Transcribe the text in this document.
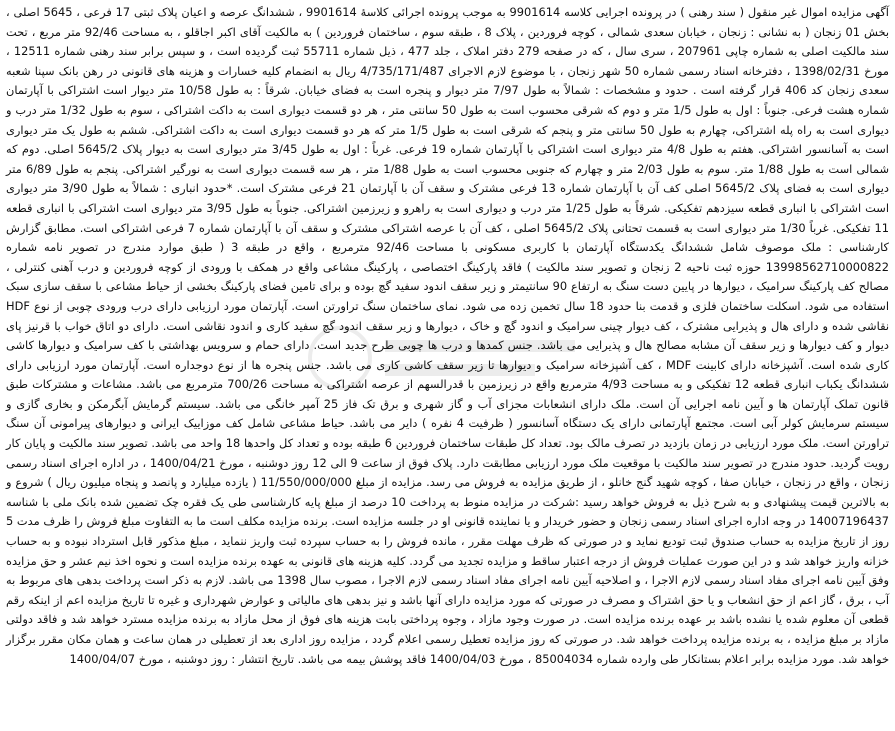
آگهی مزایده اموال غیر منقول ( سند رهنی ) در پرونده اجرایی کلاسه 9901614 به موجب پرونده اجرائی کلاسهٔ 9901614 ، ششدانگ عرصه و اعیان پلاک ثبتی 17 فرعی ، 5645 اصلی ، بخش 01 زنجان ( به نشانی : زنجان ، خیابان سعدی شمالی ، کوچه فروردین ، پلاک 8 ، طبقه سوم ، ساختمان فروردین ) به مالکیت آقای اکبر اجاقلو ، به مساحت 92/46 متر مربع ، تحت سند مالکیت اصلی به شماره چاپی 207961 ، سری سال ، که در صفحه 279 دفتر املاک ، جلد 477 ، ذیل شماره 55711 ثبت گردیده است ، و سپس برابر سند رهنی شماره 12511 ، مورخ 1398/02/31 ، دفترخانه اسناد رسمی شماره 50 شهر زنجان ، با موضوع لازم الاجرای 4/735/171/487 ریال به انضمام کلیه خسارات و هزینه های قانونی در رهن بانک سپنا شعبه سعدی زنجان کد 406 قرار گرفته است . حدود و مشخصات : شمالاً به طول 7/97 متر دیوار و پنجره است به فضای خیابان. شرقاً : به طول 10/58 متر دیوار است اشتراکی با آپارتمان شماره هشت فرعی. جنوباً : اول به طول 1/5 متر و دوم که شرقی محسوب است به طول 50 سانتی متر ، هر دو قسمت دیواری است به داکت اشتراکی ، سوم به طول 1/32 متر درب و دیواری است به راه پله اشتراکی، چهارم به طول 50 سانتی متر و پنجم که شرقی است به طول 1/5 متر که هر دو قسمت دیواری است به داکت اشتراکی. ششم به طول یک متر دیواری است به آسانسور اشتراکی. هفتم به طول 4/8 متر دیواری است اشتراکی با آپارتمان شماره 19 فرعی. غرباً : اول به طول 3/45 متر دیواری است به دیوار پلاک 5645/2 اصلی. دوم که شمالی است به طول 1/88 متر. سوم به طول 2/03 متر و چهارم که جنوبی محسوب است به طول 1/88 متر ، هر سه قسمت دیواری است به نورگیر اشتراکی. پنجم به طول 6/89 متر دیواری است به فضای پلاک 5645/2 اصلی کف آن با آپارتمان شماره 13 فرعی مشترک و سقف آن با آپارتمان 21 فرعی مشترک است. *حدود انباری : شمالاً به طول 3/90 متر دیواری است اشتراکی با انباری قطعه سیزدهم تفکیکی. شرقاً به طول 1/25 متر درب و دیواری است به راهرو و زیرزمین اشتراکی. جنوباً به طول 3/95 متر دیواری است اشتراکی با انباری قطعه 11 تفکیکی. غرباً 1/30 متر دیواری است به قسمت تحتانی پلاک 5645/2 اصلی ، کف آن با عرصه اشتراکی مشترک و سقف آن با آپارتمان شماره 7 فرعی اشتراکی است. مطابق گزارش کارشناسی : ملک موصوف شامل ششدانگ یکدستگاه آپارتمان با کاربری مسکونی با مساحت 92/46 مترمربع ، واقع در طبقه 3 ( طبق موارد مندرج در تصویر نامه شماره 13998562710000822 حوزه ثبت ناحیه 2 زنجان و تصویر سند مالکیت ) فاقد پارکینگ اختصاصی ، پارکینگ مشاعی واقع در همکف با ورودی از کوچه فروردین و درب آهنی کنترلی ، مصالح کف پارکینگ سرامیک ، دیوارها در پایین دست سنگ به ارتفاع 90 سانتیمتر و زیر سقف اندود سفید گچ بوده و برای تامین فضای پارکینگ بخشی از حیاط مشاعی با سقف سازی سبک استفاده می شود. اسکلت ساختمان فلزی و قدمت بنا حدود 18 سال تخمین زده می شود. نمای ساختمان سنگ تراورتن است. آپارتمان مورد ارزیابی دارای درب ورودی چوبی از نوع HDF نقاشی شده و دارای هال و پذیرایی مشترک ، کف دیوار چینی سرامیک و اندود گچ و خاک ، دیوارها و زیر سقف اندود گچ سفید کاری و اندود نقاشی است. دارای دو اتاق خواب با قرنیز پای دیوار و کف دیوارها و زیر سقف آن مشابه مصالح هال و پذیرایی می باشد. جنس کمدها و درب ها چوبی طرح جدید است. دارای حمام و سرویس بهداشتی با کف سرامیک و دیوارها کاشی کاری شده است. آشپزخانه دارای کابینت MDF ، کف آشپزخانه سرامیک و دیوارها تا زیر سقف کاشی کاری می باشد. جنس پنجره ها از نوع دوجداره است. آپارتمان مورد ارزیابی دارای ششدانگ یکباب انباری قطعه 12 تفکیکی و به مساحت 4/93 مترمربع واقع در زیرزمین با قدرالسهم از عرصه اشتراکی به مساحت 700/26 مترمربع می باشد. مشاعات و مشترکات طبق قانون تملک آپارتمان ها و آیین نامه اجرایی آن است. ملک دارای انشعابات مجزای آب و گاز شهری و برق تک فاز 25 آمپر خانگی می باشد. سیستم گرمایش آبگرمکن و بخاری گازی و سیستم سرمایش کولر آبی است. مجتمع آپارتمانی دارای یک دستگاه آسانسور ( ظرفیت 4 نفره ) دایر می باشد. حیاط مشاعی شامل کف موزاییک ایرانی و دیوارهای پیرامونی آن سنگ تراورتن است. ملک مورد ارزیابی در زمان بازدید در تصرف مالک بود. تعداد کل طبقات ساختمان فروردین 6 طبقه بوده و تعداد کل واحدها 18 واحد می باشد. تصویر سند مالکیت و پایان کار رویت گردید. حدود مندرج در تصویر سند مالکیت با موقعیت ملک مورد ارزیابی مطابقت دارد. پلاک فوق از ساعت 9 الی 12 روز دوشنبه ، مورخ 1400/04/21 ، در اداره اجرای اسناد رسمی زنجان ، واقع در زنجان ، خیابان صفا ، کوچه شهید گنج خانلو ، از طریق مزایده به فروش می رسد. مزایده از مبلغ 11/550/000/000 ( یازده میلیارد و پانصد و پنجاه میلیون ریال ) شروع و به بالاترین قیمت پیشنهادی و به شرح ذیل به فروش خواهد رسید :شرکت در مزایده منوط به پرداخت 10 درصد از مبلغ پایه کارشناسی طی یک فقره چک تضمین شده بانک ملی با شناسه 14007196437 در وجه اداره اجرای اسناد رسمی زنجان و حضور خریدار و یا نماینده قانونی او در جلسه مزایده است. برنده مزایده مکلف است ما به التفاوت مبلغ فروش را ظرف مدت 5 روز از تاریخ مزایده به حساب صندوق ثبت تودیع نماید و در صورتی که ظرف مهلت مقرر ، مانده فروش را به حساب سپرده ثبت واریز ننماید ، مبلغ مذکور قابل استرداد نبوده و به حساب خزانه واریز خواهد شد و در این صورت عملیات فروش از درجه اعتبار ساقط و مزایده تجدید می گردد. کلیه هزینه های قانونی به عهده برنده مزایده است و نحوه اخذ نیم عشر و حق مزایده وفق آیین نامه اجرای مفاد اسناد رسمی لازم الاجرا ، و اصلاحیه آیین نامه اجرای مفاد اسناد رسمی لازم الاجرا ، مصوب سال 1398 می باشد. لازم به ذکر است پرداخت بدهی های مربوط به آب ، برق ، گاز اعم از حق انشعاب و یا حق اشتراک و مصرف در صورتی که مورد مزایده دارای آنها باشد و نیز بدهی های مالیاتی و عوارض شهرداری و غیره تا تاریخ مزایده اعم از اینکه رقم قطعی آن معلوم شده یا نشده باشد بر عهده برنده مزایده است. در صورت وجود مازاد ، وجوه پرداختی بابت هزینه های فوق از محل مازاد به برنده مزایده مسترد خواهد شد و فاقد دولتی مازاد بر مبلغ مزایده ، به برنده مزایده پرداخت خواهد شد. در صورتی که روز مزایده تعطیل رسمی اعلام گردد ، مزایده روز اداری بعد از تعطیلی در همان ساعت و همان مکان مقرر برگزار خواهد شد. مورد مزایده برابر اعلام بستانکار طی وارده شماره 85004034 ، مورخ 1400/04/03 فاقد پوشش بیمه می باشد. تاریخ انتشار : روز دوشنبه ، مورخ 1400/04/07
